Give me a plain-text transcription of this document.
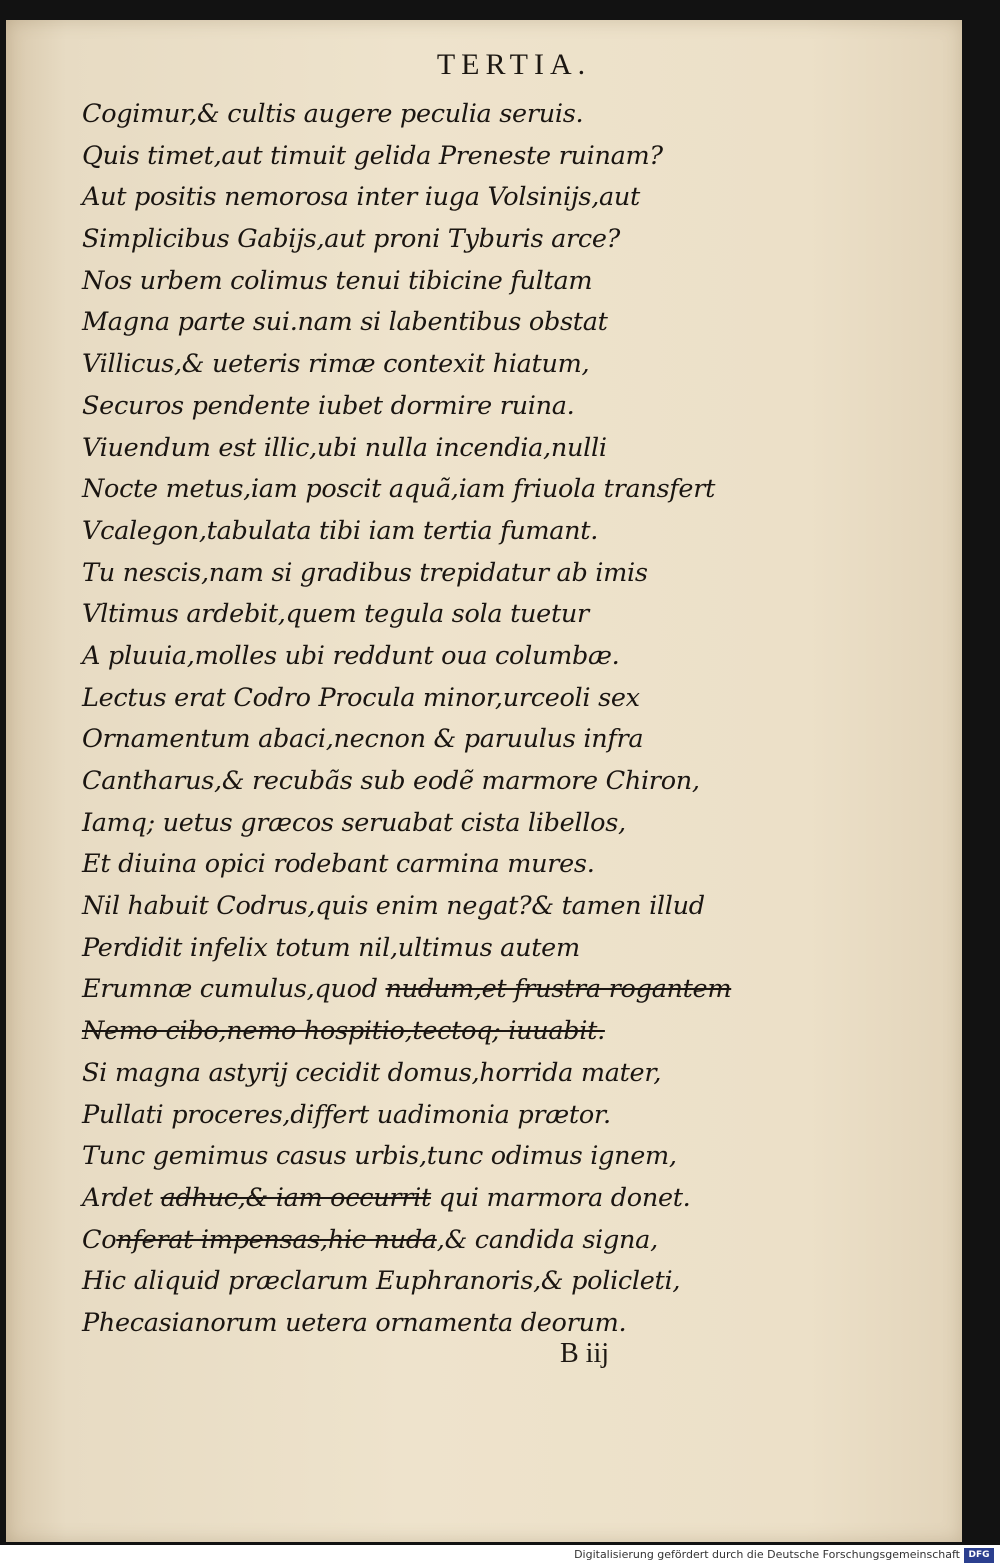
TERTIA.
Cogimur,& cultis augere peculia seruis.
Quis timet,aut timuit gelida Preneste ruinam?
Aut positis nemorosa inter iuga Volsinijs,aut
Simplicibus Gabijs,aut proni Tyburis arce?
Nos urbem colimus tenui tibicine fultam
Magna parte sui.nam si labentibus obstat
Villicus,& ueteris rimæ contexit hiatum,
Securos pendente iubet dormire ruina.
Viuendum est illic,ubi nulla incendia,nulli
Nocte metus,iam poscit aquã,iam friuola transfert
Vcalegon,tabulata tibi iam tertia fumant.
Tu nescis,nam si gradibus trepidatur ab imis
Vltimus ardebit,quem tegula sola tuetur
A pluuia,molles ubi reddunt oua columbæ.
Lectus erat Codro Procula minor,urceoli sex
Ornamentum abaci,necnon & paruulus infra
Cantharus,& recubãs sub eodẽ marmore Chiron,
Iamq; uetus græcos seruabat cista libellos,
Et diuina opici rodebant carmina mures.
Nil habuit Codrus,quis enim negat?& tamen illud
Perdidit infelix totum nil,ultimus autem
Erumnæ cumulus,quod nudum,et frustra rogantem
Nemo cibo,nemo hospitio,tectoq; iuuabit.
Si magna astyrij cecidit domus,horrida mater,
Pullati proceres,differt uadimonia prætor.
Tunc gemimus casus urbis,tunc odimus ignem,
Ardet adhuc,& iam occurrit qui marmora donet.
Conferat impensas,hic nuda,& candida signa,
Hic aliquid præclarum Euphranoris,& policleti,
Phecasianorum uetera ornamenta deorum.
B iij
Digitalisierung gefördert durch die Deutsche Forschungsgemeinschaft DFG
